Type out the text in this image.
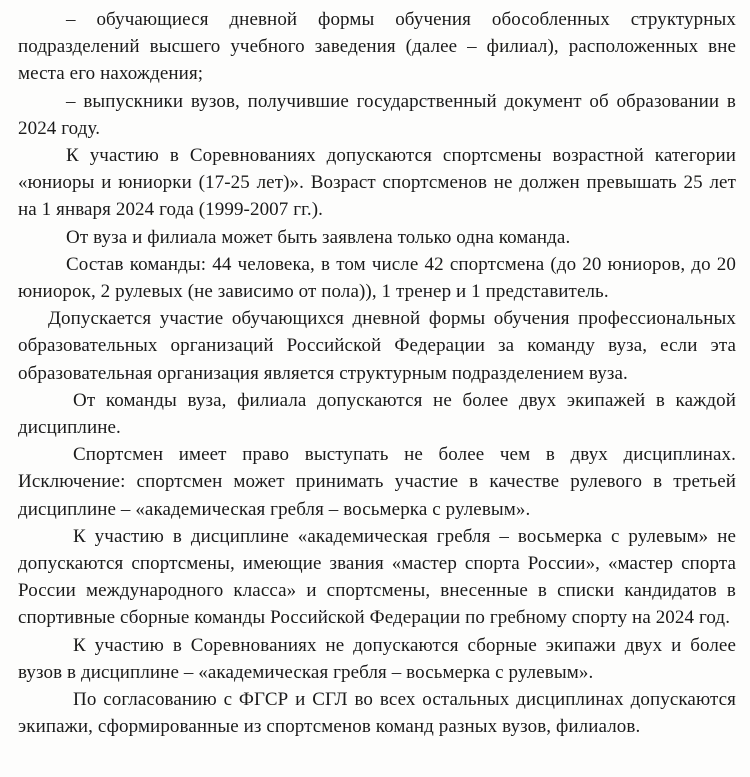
– обучающиеся дневной формы обучения обособленных структурных подразделений высшего учебного заведения (далее – филиал), расположенных вне места его нахождения;

– выпускники вузов, получившие государственный документ об образовании в 2024 году.

К участию в Соревнованиях допускаются спортсмены возрастной категории «юниоры и юниорки (17-25 лет)». Возраст спортсменов не должен превышать 25 лет на 1 января 2024 года (1999-2007 гг.).

От вуза и филиала может быть заявлена только одна команда.

Состав команды: 44 человека, в том числе 42 спортсмена (до 20 юниоров, до 20 юниорок, 2 рулевых (не зависимо от пола)), 1 тренер и 1 представитель.

Допускается участие обучающихся дневной формы обучения профессиональных образовательных организаций Российской Федерации за команду вуза, если эта образовательная организация является структурным подразделением вуза.

От команды вуза, филиала допускаются не более двух экипажей в каждой дисциплине.

Спортсмен имеет право выступать не более чем в двух дисциплинах. Исключение: спортсмен может принимать участие в качестве рулевого в третьей дисциплине – «академическая гребля – восьмерка с рулевым».

К участию в дисциплине «академическая гребля – восьмерка с рулевым» не допускаются спортсмены, имеющие звания «мастер спорта России», «мастер спорта России международного класса» и спортсмены, внесенные в списки кандидатов в спортивные сборные команды Российской Федерации по гребному спорту на 2024 год.

К участию в Соревнованиях не допускаются сборные экипажи двух и более вузов в дисциплине – «академическая гребля – восьмерка с рулевым».

По согласованию с ФГСР и СГЛ во всех остальных дисциплинах допускаются экипажи, сформированные из спортсменов команд разных вузов, филиалов.
